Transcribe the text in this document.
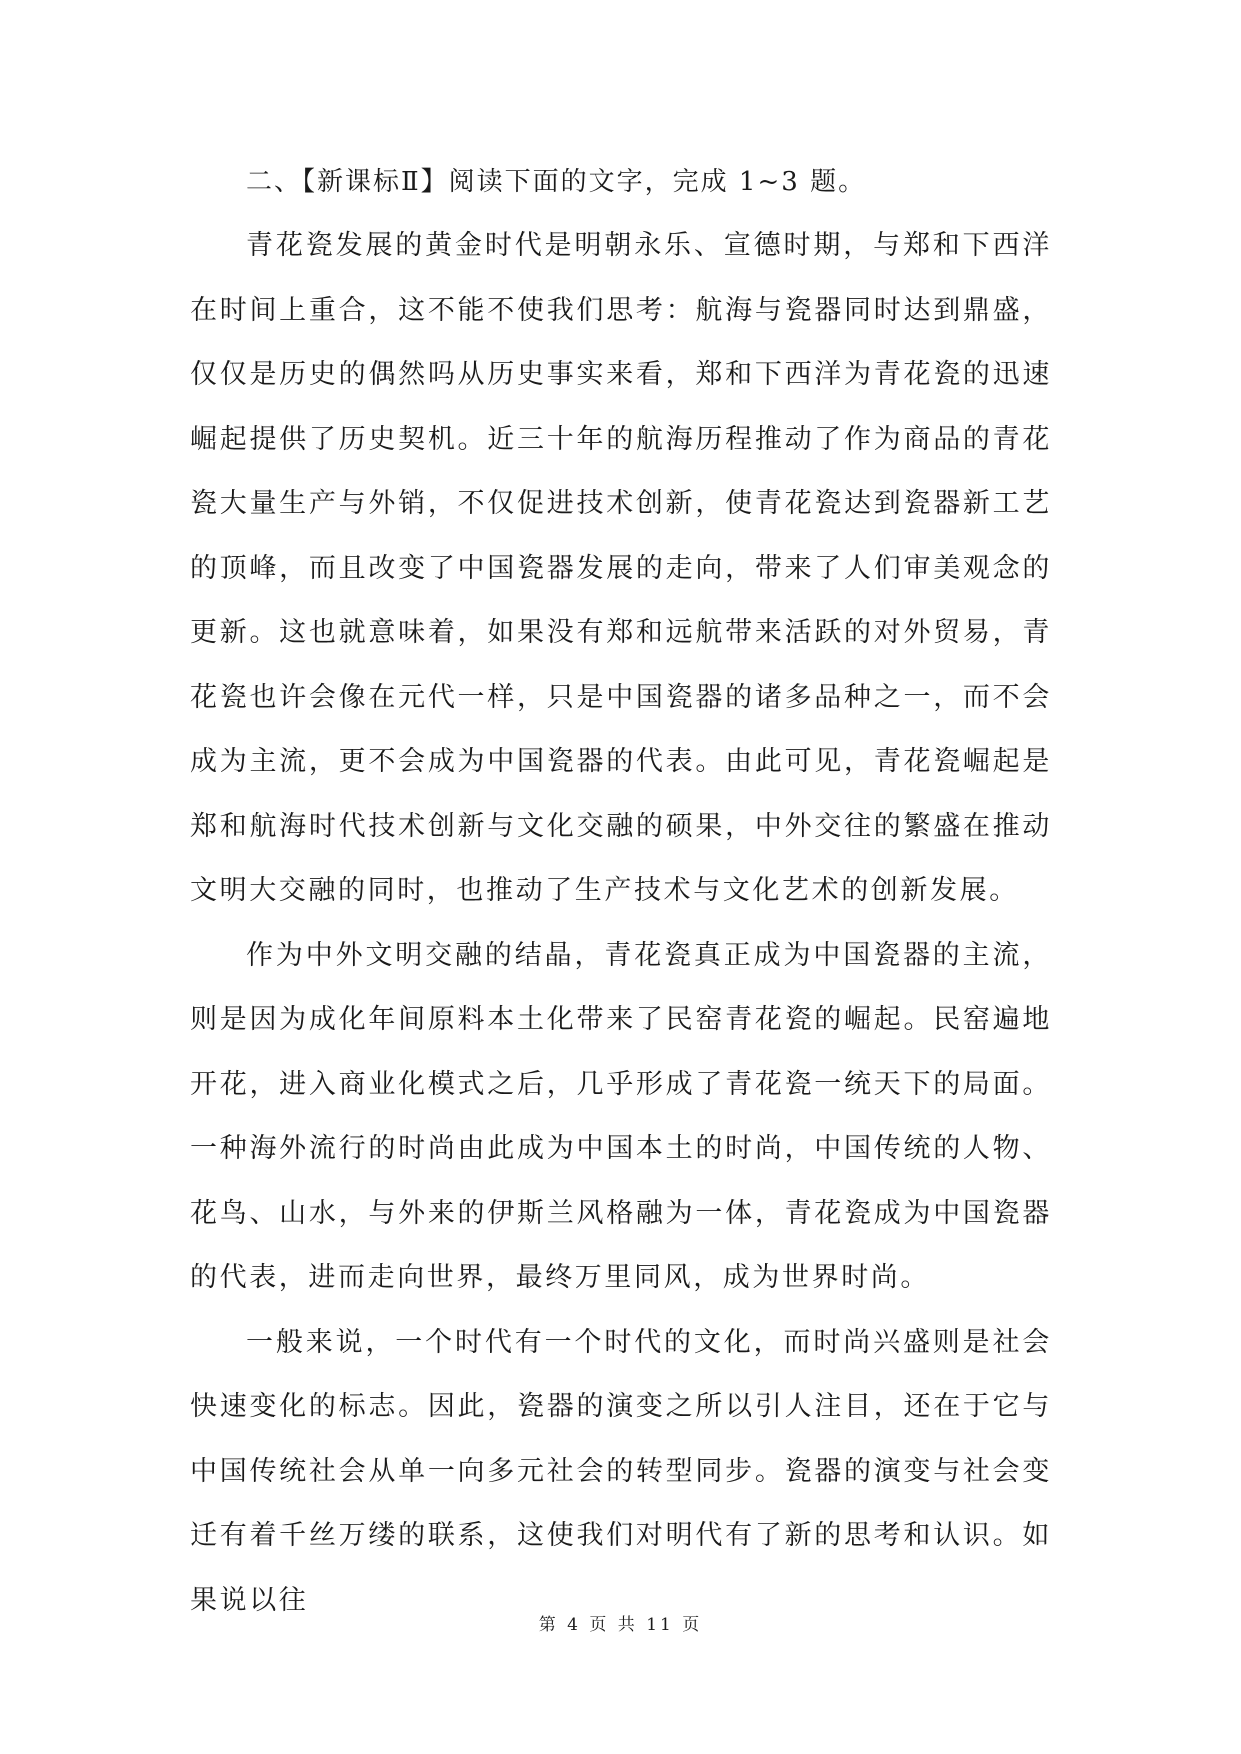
二、【新课标Ⅱ】阅读下面的文字，完成 1~3 题。

青花瓷发展的黄金时代是明朝永乐、宣德时期，与郑和下西洋在时间上重合，这不能不使我们思考：航海与瓷器同时达到鼎盛，仅仅是历史的偶然吗从历史事实来看，郑和下西洋为青花瓷的迅速崛起提供了历史契机。近三十年的航海历程推动了作为商品的青花瓷大量生产与外销，不仅促进技术创新，使青花瓷达到瓷器新工艺的顶峰，而且改变了中国瓷器发展的走向，带来了人们审美观念的更新。这也就意味着，如果没有郑和远航带来活跃的对外贸易，青花瓷也许会像在元代一样，只是中国瓷器的诸多品种之一，而不会成为主流，更不会成为中国瓷器的代表。由此可见，青花瓷崛起是郑和航海时代技术创新与文化交融的硕果，中外交往的繁盛在推动文明大交融的同时，也推动了生产技术与文化艺术的创新发展。

作为中外文明交融的结晶，青花瓷真正成为中国瓷器的主流，则是因为成化年间原料本土化带来了民窑青花瓷的崛起。民窑遍地开花，进入商业化模式之后，几乎形成了青花瓷一统天下的局面。一种海外流行的时尚由此成为中国本土的时尚，中国传统的人物、花鸟、山水，与外来的伊斯兰风格融为一体，青花瓷成为中国瓷器的代表，进而走向世界，最终万里同风，成为世界时尚。

一般来说，一个时代有一个时代的文化，而时尚兴盛则是社会快速变化的标志。因此，瓷器的演变之所以引人注目，还在于它与中国传统社会从单一向多元社会的转型同步。瓷器的演变与社会变迁有着千丝万缕的联系，这使我们对明代有了新的思考和认识。如果说以往

第 4 页 共 11 页
